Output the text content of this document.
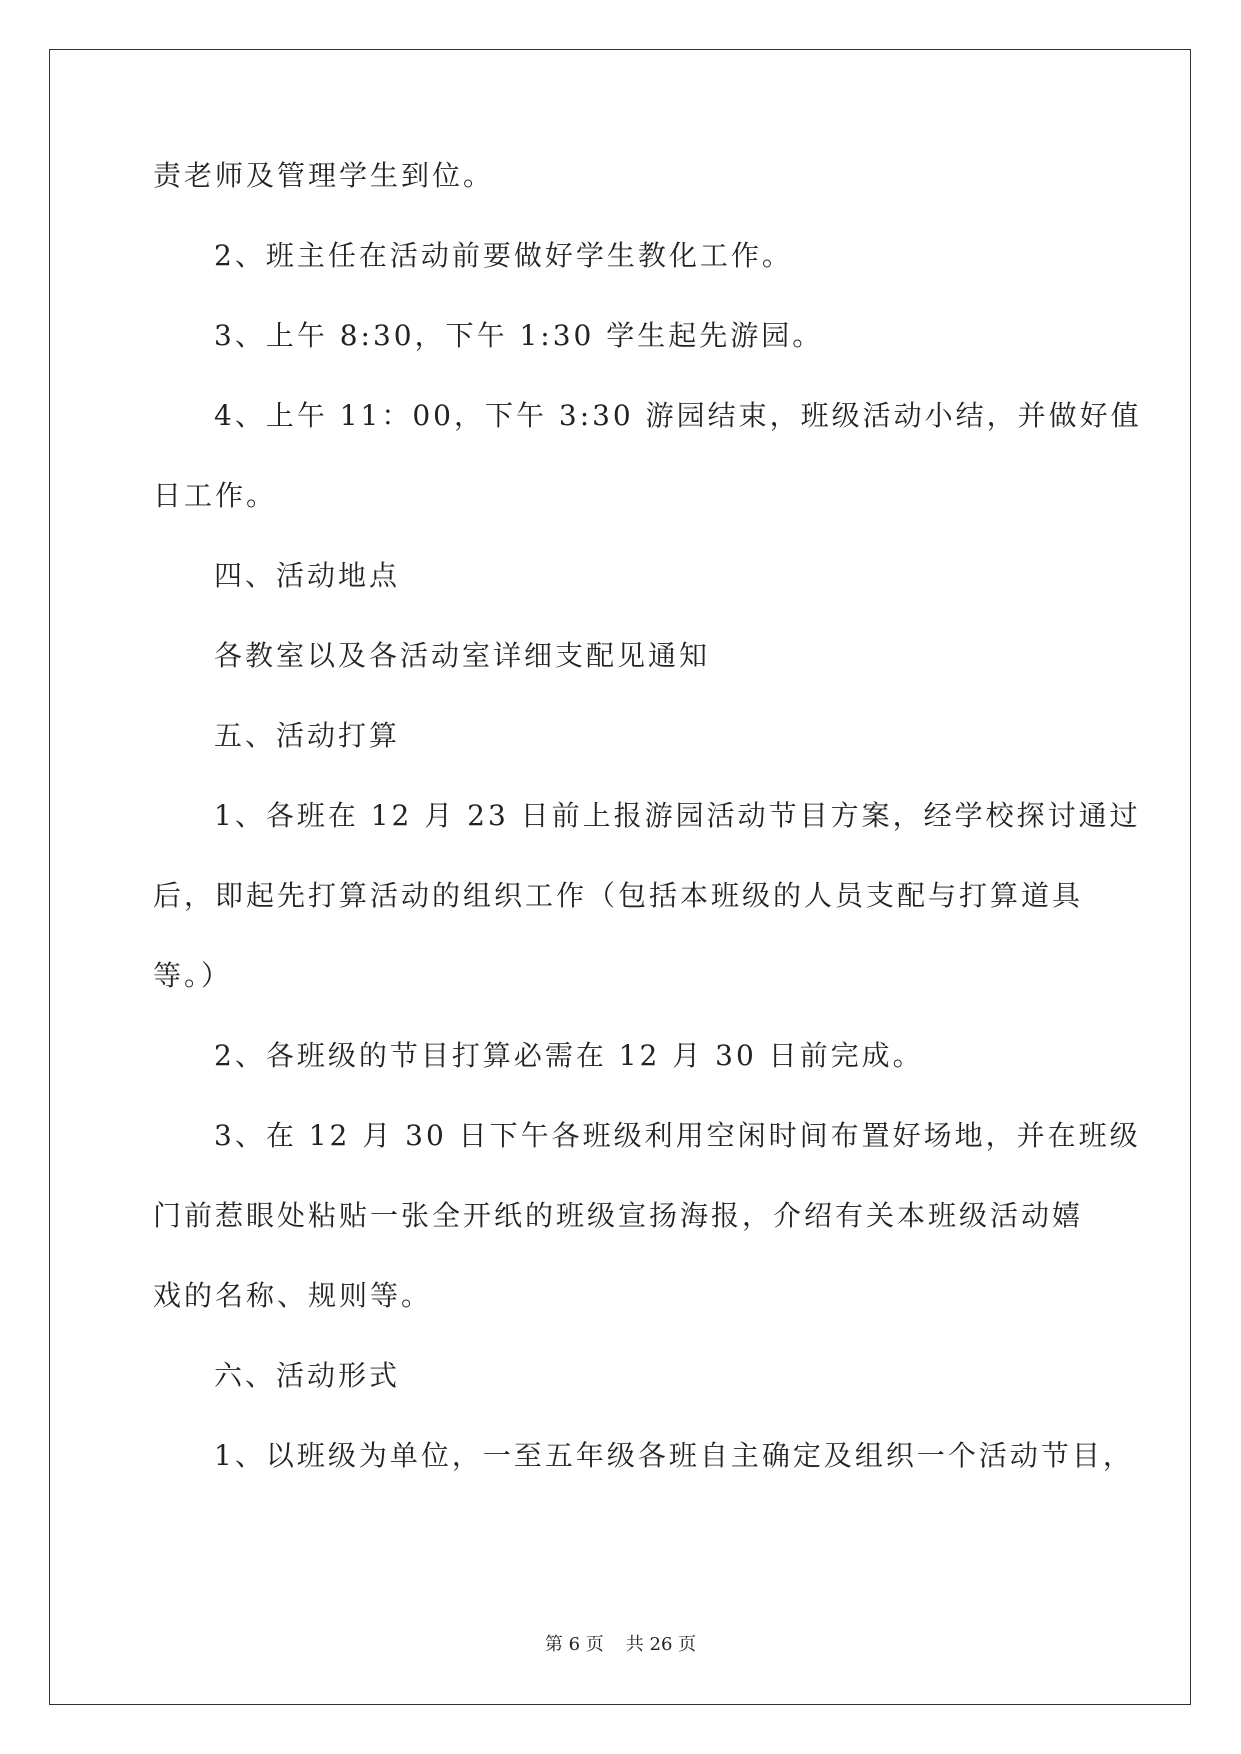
责老师及管理学生到位。

2、班主任在活动前要做好学生教化工作。

3、上午 8:30，下午 1:30 学生起先游园。

4、上午 11：00，下午 3:30 游园结束，班级活动小结，并做好值

日工作。

四、活动地点

各教室以及各活动室详细支配见通知

五、活动打算

1、各班在 12 月 23 日前上报游园活动节目方案，经学校探讨通过

后，即起先打算活动的组织工作（包括本班级的人员支配与打算道具

等。）

2、各班级的节目打算必需在 12 月 30 日前完成。

3、在 12 月 30 日下午各班级利用空闲时间布置好场地，并在班级

门前惹眼处粘贴一张全开纸的班级宣扬海报，介绍有关本班级活动嬉

戏的名称、规则等。

六、活动形式

1、以班级为单位，一至五年级各班自主确定及组织一个活动节目，

第 6 页 共 26 页
